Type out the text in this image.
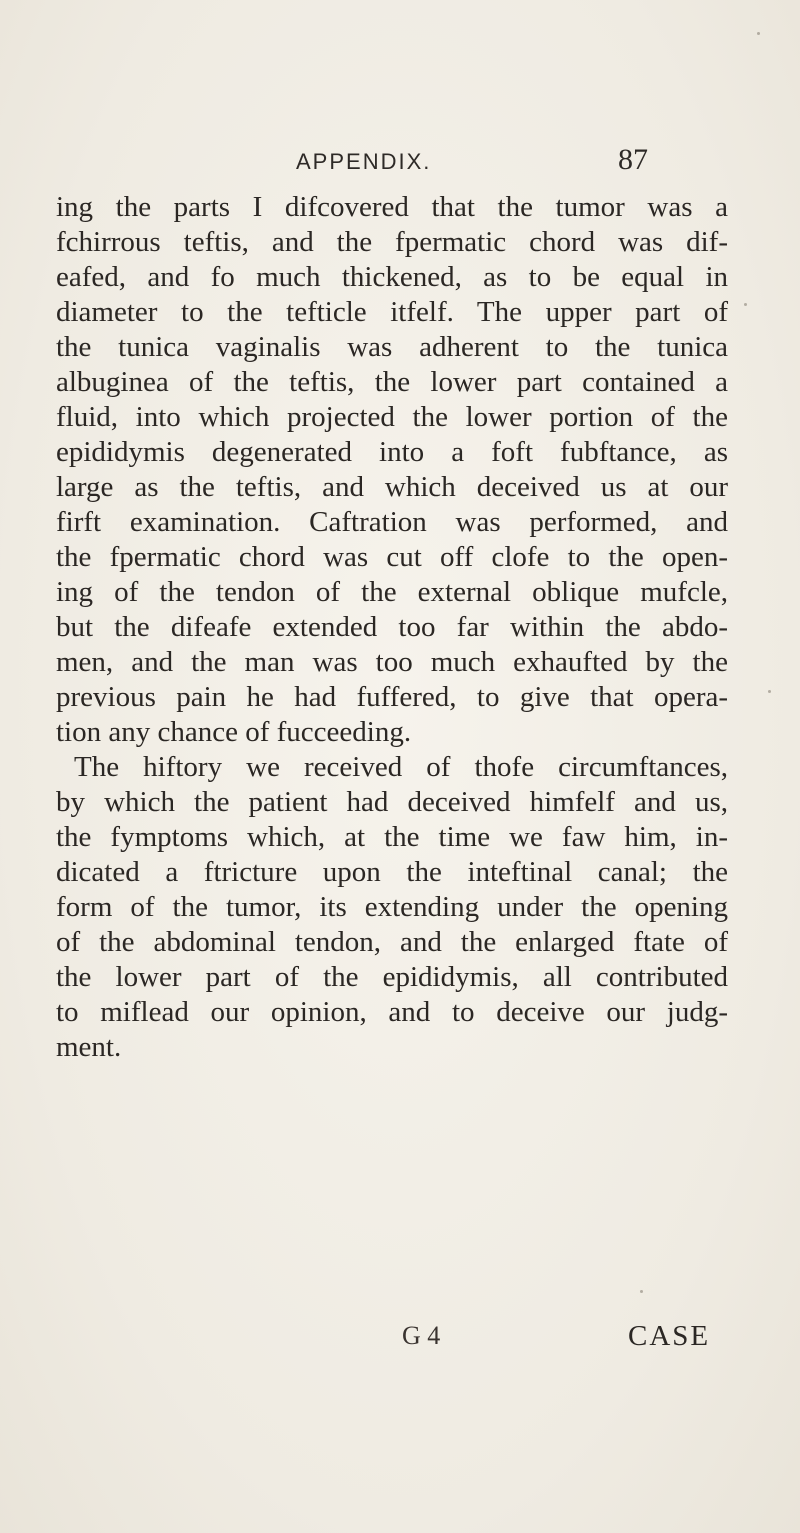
APPENDIX.	87
ing the parts I difcovered that the tumor was a
fchirrous teftis, and the fpermatic chord was dif-
eafed, and fo much thickened, as to be equal in
diameter to the tefticle itfelf. The upper part of
the tunica vaginalis was adherent to the tunica
albuginea of the teftis, the lower part contained a
fluid, into which projected the lower portion of the
epididymis degenerated into a foft fubftance, as
large as the teftis, and which deceived us at our
firft examination. Caftration was performed, and
the fpermatic chord was cut off clofe to the open-
ing of the tendon of the external oblique mufcle,
but the difeafe extended too far within the abdo-
men, and the man was too much exhaufted by the
previous pain he had fuffered, to give that opera-
tion any chance of fucceeding.
The hiftory we received of thofe circumftances,
by which the patient had deceived himfelf and us,
the fymptoms which, at the time we faw him, in-
dicated a ftricture upon the inteftinal canal; the
form of the tumor, its extending under the opening
of the abdominal tendon, and the enlarged ftate of
the lower part of the epididymis, all contributed
to miflead our opinion, and to deceive our judg-
ment.
G 4	CASE
